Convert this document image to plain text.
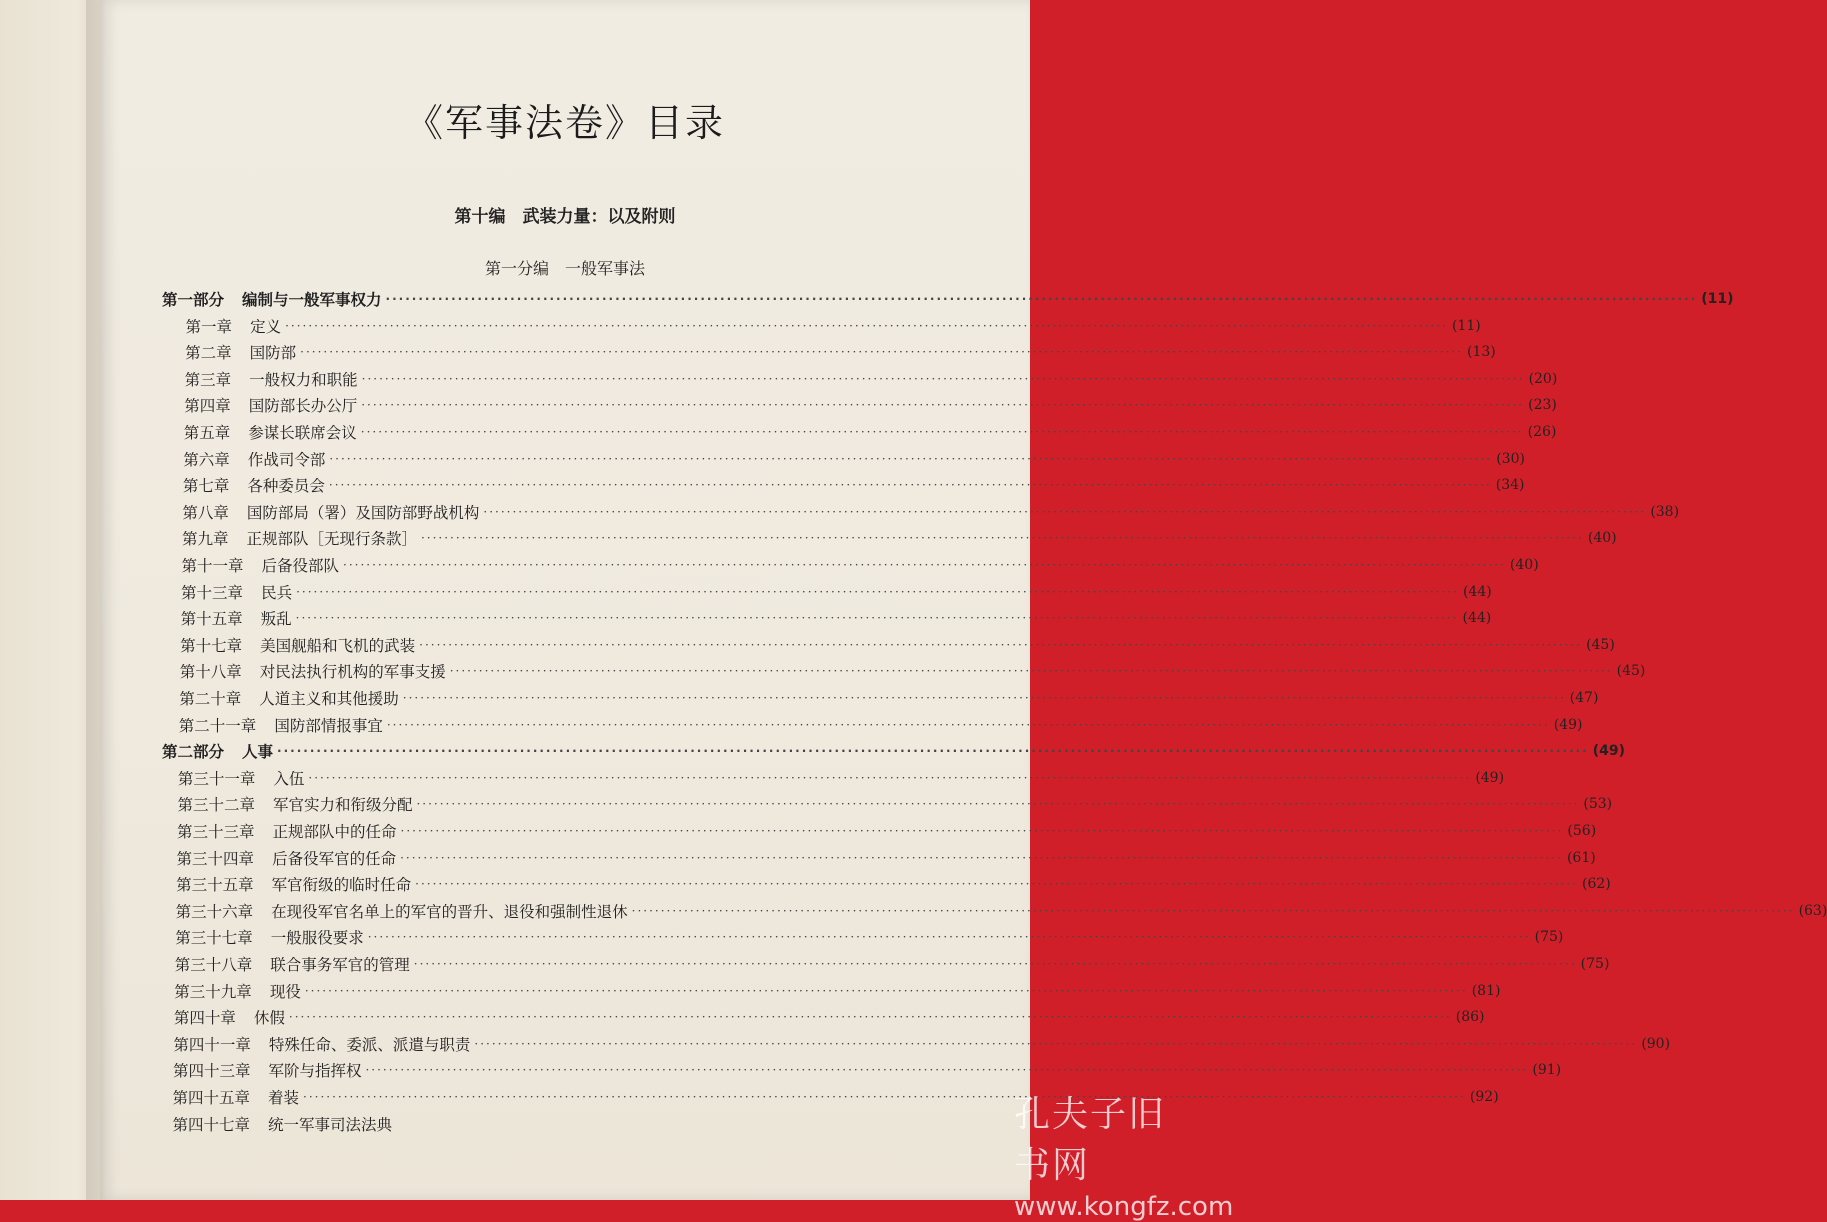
《军事法卷》目录
第十编　武装力量：以及附则
第一分编　一般军事法
第一部分 编制与一般军事权力 ········································································································································································································ (11)
第一章 定义 ········································································································································································································ (11)
第二章 国防部 ········································································································································································································ (13)
第三章 一般权力和职能 ········································································································································································································ (20)
第四章 国防部长办公厅 ········································································································································································································ (23)
第五章 参谋长联席会议 ········································································································································································································ (26)
第六章 作战司令部 ········································································································································································································ (30)
第七章 各种委员会 ········································································································································································································ (34)
第八章 国防部局（署）及国防部野战机构 ········································································································································································································ (38)
第九章 正规部队［无现行条款］ ········································································································································································································ (40)
第十一章 后备役部队 ········································································································································································································ (40)
第十三章 民兵 ········································································································································································································ (44)
第十五章 叛乱 ········································································································································································································ (44)
第十七章 美国舰船和飞机的武装 ········································································································································································································ (45)
第十八章 对民法执行机构的军事支援 ········································································································································································································ (45)
第二十章 人道主义和其他援助 ········································································································································································································ (47)
第二十一章 国防部情报事宜 ········································································································································································································ (49)
第二部分 人事 ········································································································································································································ (49)
第三十一章 入伍 ········································································································································································································ (49)
第三十二章 军官实力和衔级分配 ········································································································································································································ (53)
第三十三章 正规部队中的任命 ········································································································································································································ (56)
第三十四章 后备役军官的任命 ········································································································································································································ (61)
第三十五章 军官衔级的临时任命 ········································································································································································································ (62)
第三十六章 在现役军官名单上的军官的晋升、退役和强制性退休 ········································································································································································································ (63)
第三十七章 一般服役要求 ········································································································································································································ (75)
第三十八章 联合事务军官的管理 ········································································································································································································ (75)
第三十九章 现役 ········································································································································································································ (81)
第四十章 休假 ········································································································································································································ (86)
第四十一章 特殊任命、委派、派遣与职责 ········································································································································································································ (90)
第四十三章 军阶与指挥权 ········································································································································································································ (91)
第四十五章 着装 ········································································································································································································ (92)
第四十七章 统一军事司法法典	孔夫子旧书网
www.kongfz.com
